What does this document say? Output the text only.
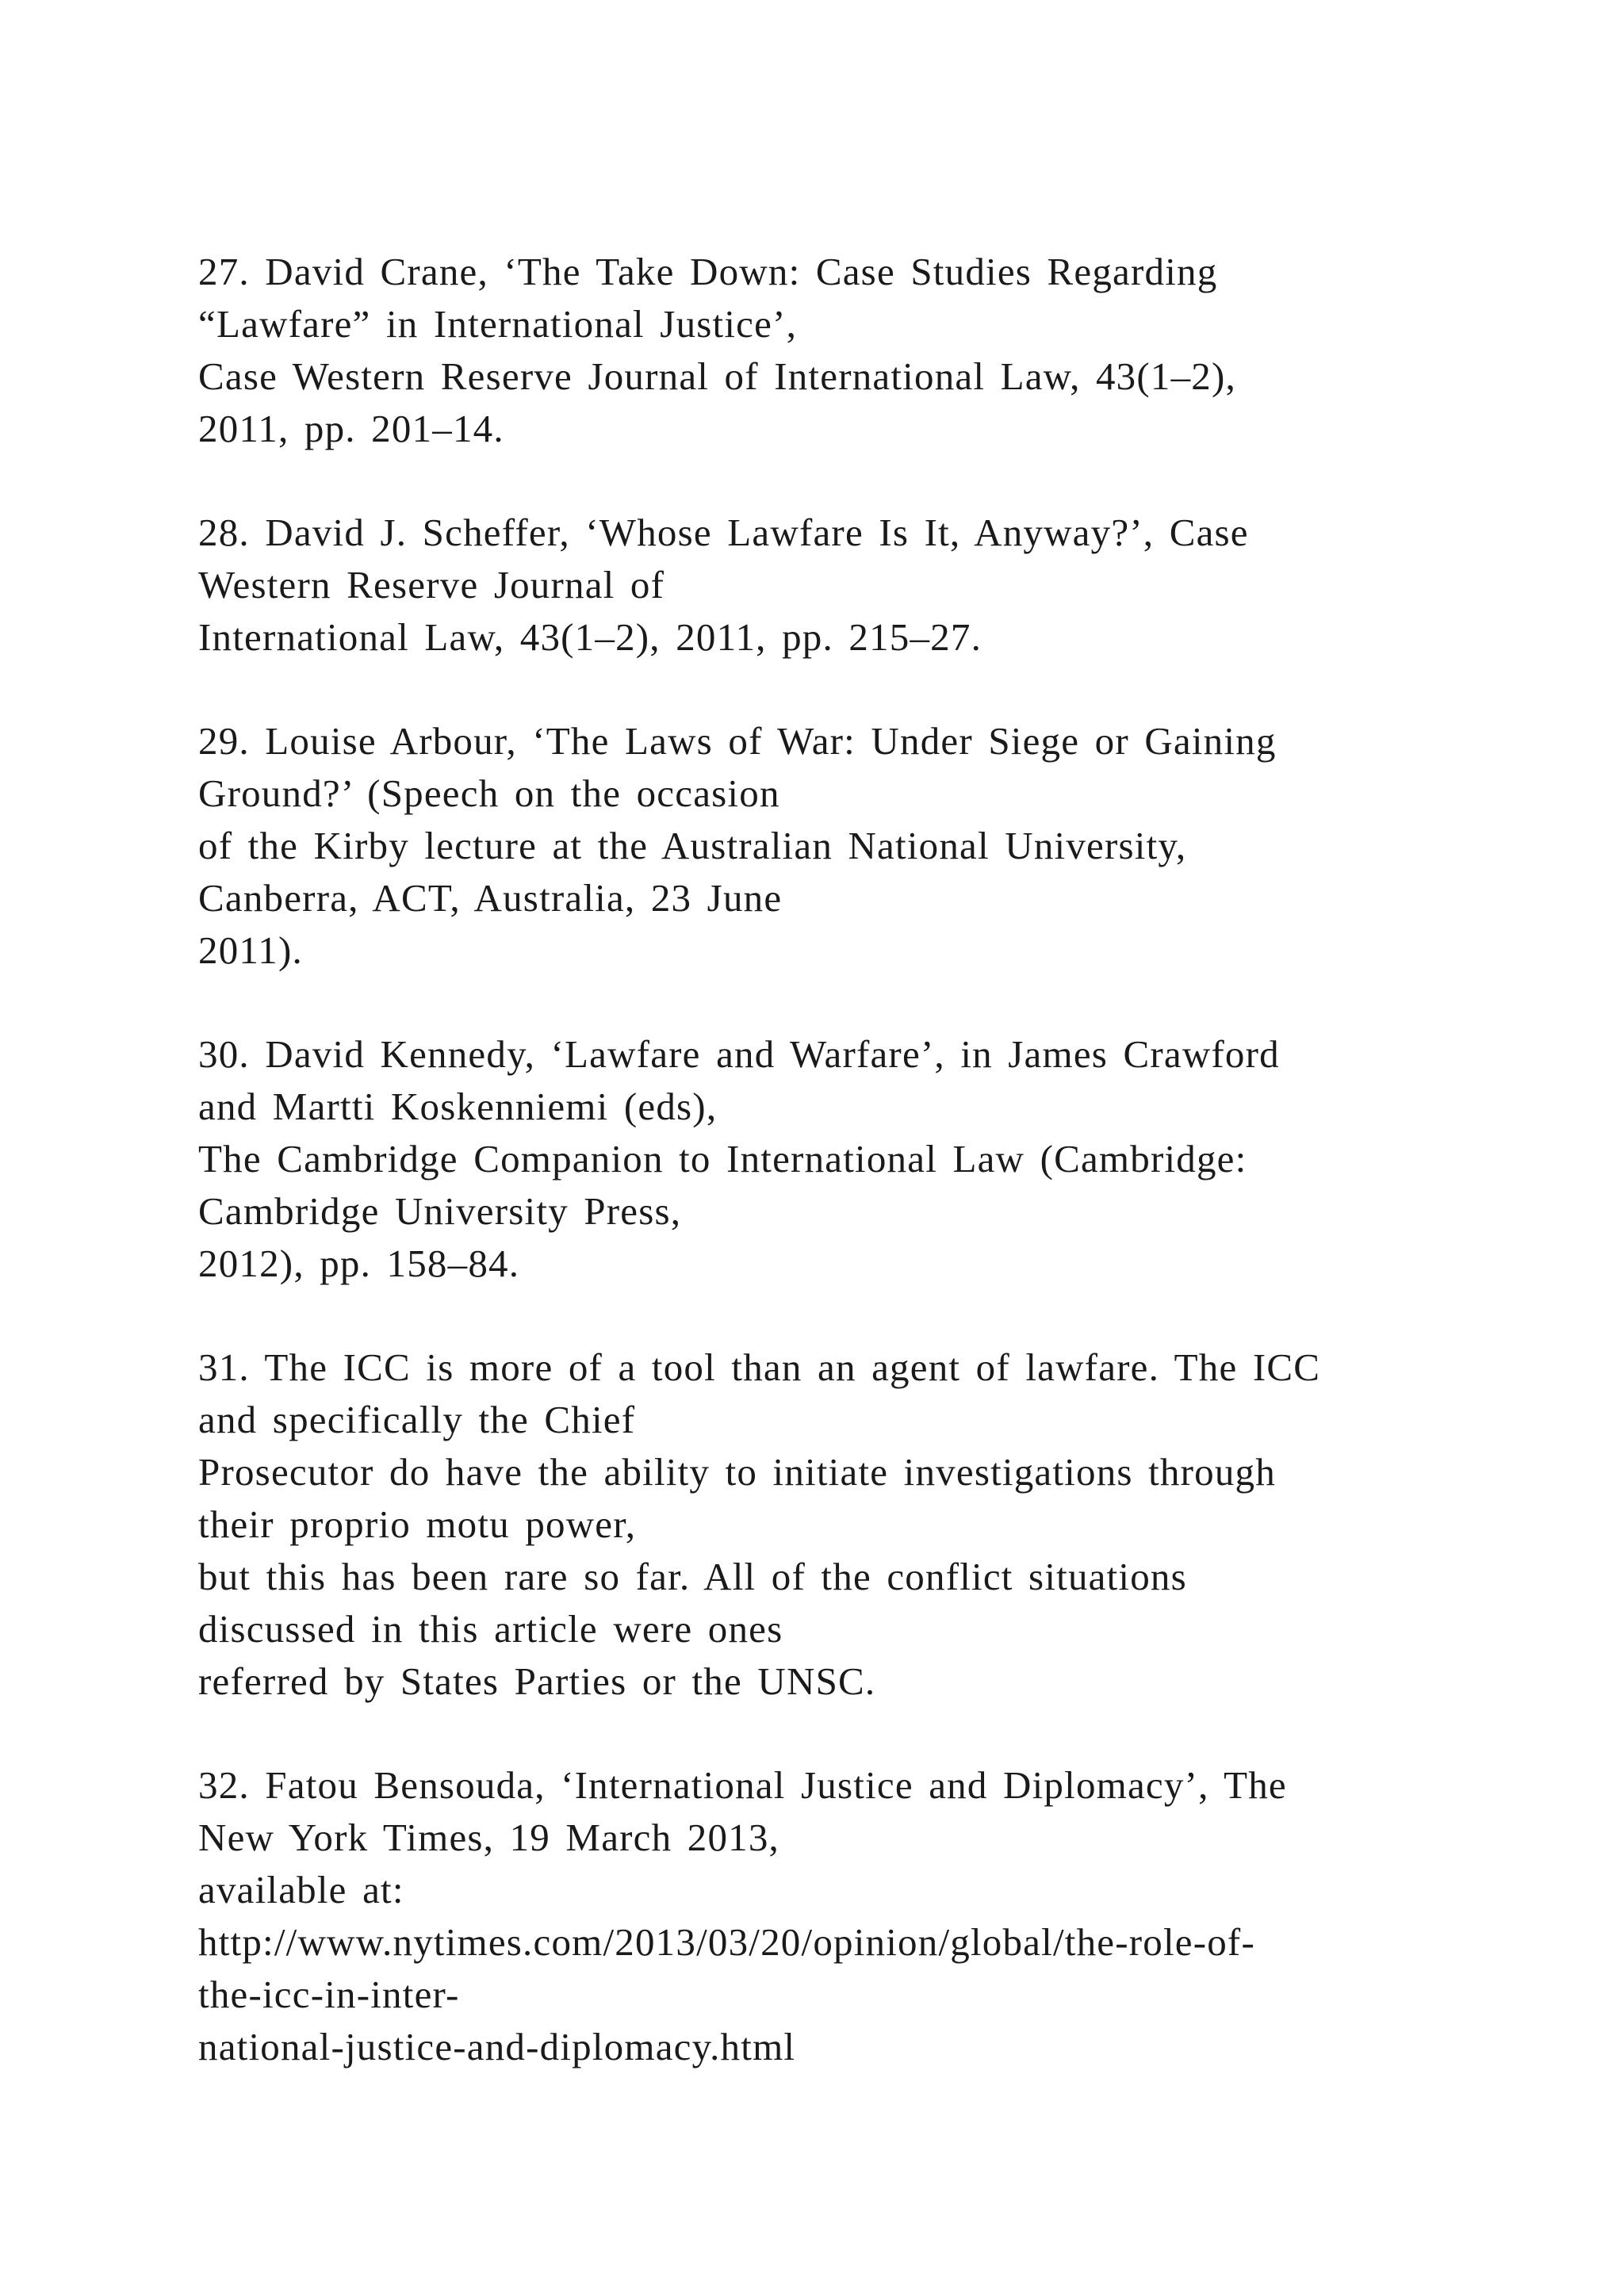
27. David Crane, ‘The Take Down: Case Studies Regarding
“Lawfare” in International Justice’,
Case Western Reserve Journal of International Law, 43(1–2),
2011, pp. 201–14.
28. David J. Scheffer, ‘Whose Lawfare Is It, Anyway?’, Case
Western Reserve Journal of
International Law, 43(1–2), 2011, pp. 215–27.
29. Louise Arbour, ‘The Laws of War: Under Siege or Gaining
Ground?’ (Speech on the occasion
of the Kirby lecture at the Australian National University,
Canberra, ACT, Australia, 23 June
2011).
30. David Kennedy, ‘Lawfare and Warfare’, in James Crawford
and Martti Koskenniemi (eds),
The Cambridge Companion to International Law (Cambridge:
Cambridge University Press,
2012), pp. 158–84.
31. The ICC is more of a tool than an agent of lawfare. The ICC
and specifically the Chief
Prosecutor do have the ability to initiate investigations through
their proprio motu power,
but this has been rare so far. All of the conflict situations
discussed in this article were ones
referred by States Parties or the UNSC.
32. Fatou Bensouda, ‘International Justice and Diplomacy’, The
New York Times, 19 March 2013,
available at:
http://www.nytimes.com/2013/03/20/opinion/global/the-role-of-
the-icc-in-inter-
national-justice-and-diplomacy.html
